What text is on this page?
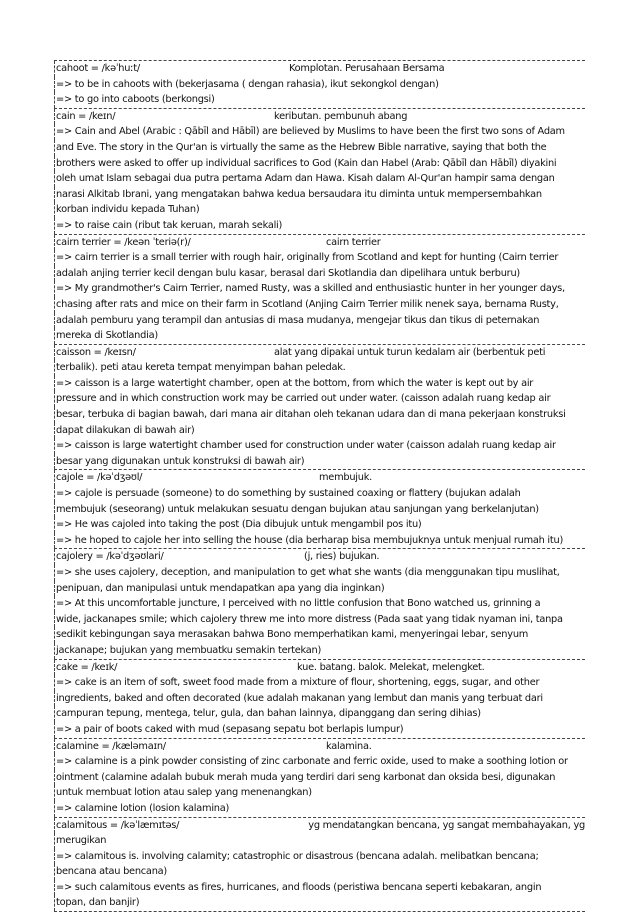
cahoot = /kəˈhuːt/	Komplotan. Perusahaan Bersama
=> to be in cahoots with (bekerjasama ( dengan rahasia), ikut sekongkol dengan)
=> to go into caboots (berkongsi)
cain = /keɪn/	keributan. pembunuh abang
=> Cain and Abel (Arabic : Qābīl and Hābīl) are believed by Muslims to have been the first two sons of Adam
and Eve. The story in the Qur'an is virtually the same as the Hebrew Bible narrative, saying that both the
brothers were asked to offer up individual sacrifices to God (Kain dan Habel (Arab: Qābīl dan Hābīl) diyakini
oleh umat Islam sebagai dua putra pertama Adam dan Hawa. Kisah dalam Al-Qur'an hampir sama dengan
narasi Alkitab Ibrani, yang mengatakan bahwa kedua bersaudara itu diminta untuk mempersembahkan
korban individu kepada Tuhan)
=> to raise cain (ribut tak keruan, marah sekali)
cairn terrier = /keən ˈteriə(r)/	cairn terrier
=> cairn terrier is a small terrier with rough hair, originally from Scotland and kept for hunting (Cairn terrier
adalah anjing terrier kecil dengan bulu kasar, berasal dari Skotlandia dan dipelihara untuk berburu)
=> My grandmother's Cairn Terrier, named Rusty, was a skilled and enthusiastic hunter in her younger days,
chasing after rats and mice on their farm in Scotland (Anjing Cairn Terrier milik nenek saya, bernama Rusty,
adalah pemburu yang terampil dan antusias di masa mudanya, mengejar tikus dan tikus di peternakan
mereka di Skotlandia)
caisson = /keɪsn/	alat yang dipakai untuk turun kedalam air (berbentuk peti
terbalik). peti atau kereta tempat menyimpan bahan peledak.
=> caisson is a large watertight chamber, open at the bottom, from which the water is kept out by air
pressure and in which construction work may be carried out under water. (caisson adalah ruang kedap air
besar, terbuka di bagian bawah, dari mana air ditahan oleh tekanan udara dan di mana pekerjaan konstruksi
dapat dilakukan di bawah air)
=> caisson is large watertight chamber used for construction under water (caisson adalah ruang kedap air
besar yang digunakan untuk konstruksi di bawah air)
cajole = /kəˈdʒəʊl/	membujuk.
=> cajole is persuade (someone) to do something by sustained coaxing or flattery (bujukan adalah
membujuk (seseorang) untuk melakukan sesuatu dengan bujukan atau sanjungan yang berkelanjutan)
=> He was cajoled into taking the post (Dia dibujuk untuk mengambil pos itu)
=> he hoped to cajole her into selling the house (dia berharap bisa membujuknya untuk menjual rumah itu)
cajolery = /kəˈdʒəʊlari/	(j, ries) bujukan.
=> she uses cajolery, deception, and manipulation to get what she wants (dia menggunakan tipu muslihat,
penipuan, dan manipulasi untuk mendapatkan apa yang dia inginkan)
=> At this uncomfortable juncture, I perceived with no little confusion that Bono watched us, grinning a
wide, jackanapes smile; which cajolery threw me into more distress (Pada saat yang tidak nyaman ini, tanpa
sedikit kebingungan saya merasakan bahwa Bono memperhatikan kami, menyeringai lebar, senyum
jackanape; bujukan yang membuatku semakin tertekan)
cake = /keɪk/	kue. batang. balok. Melekat, melengket.
=> cake is an item of soft, sweet food made from a mixture of flour, shortening, eggs, sugar, and other
ingredients, baked and often decorated (kue adalah makanan yang lembut dan manis yang terbuat dari
campuran tepung, mentega, telur, gula, dan bahan lainnya, dipanggang dan sering dihias)
=> a pair of boots caked with mud (sepasang sepatu bot berlapis lumpur)
calamine = /kæləmaɪn/	kalamina.
=> calamine is a pink powder consisting of zinc carbonate and ferric oxide, used to make a soothing lotion or
ointment (calamine adalah bubuk merah muda yang terdiri dari seng karbonat dan oksida besi, digunakan
untuk membuat lotion atau salep yang menenangkan)
=> calamine lotion (losion kalamina)
calamitous = /kəˈlæmɪtəs/	yg mendatangkan bencana, yg sangat membahayakan, yg
merugikan
=> calamitous is. involving calamity; catastrophic or disastrous (bencana adalah. melibatkan bencana;
bencana atau bencana)
=> such calamitous events as fires, hurricanes, and floods (peristiwa bencana seperti kebakaran, angin
topan, dan banjir)
